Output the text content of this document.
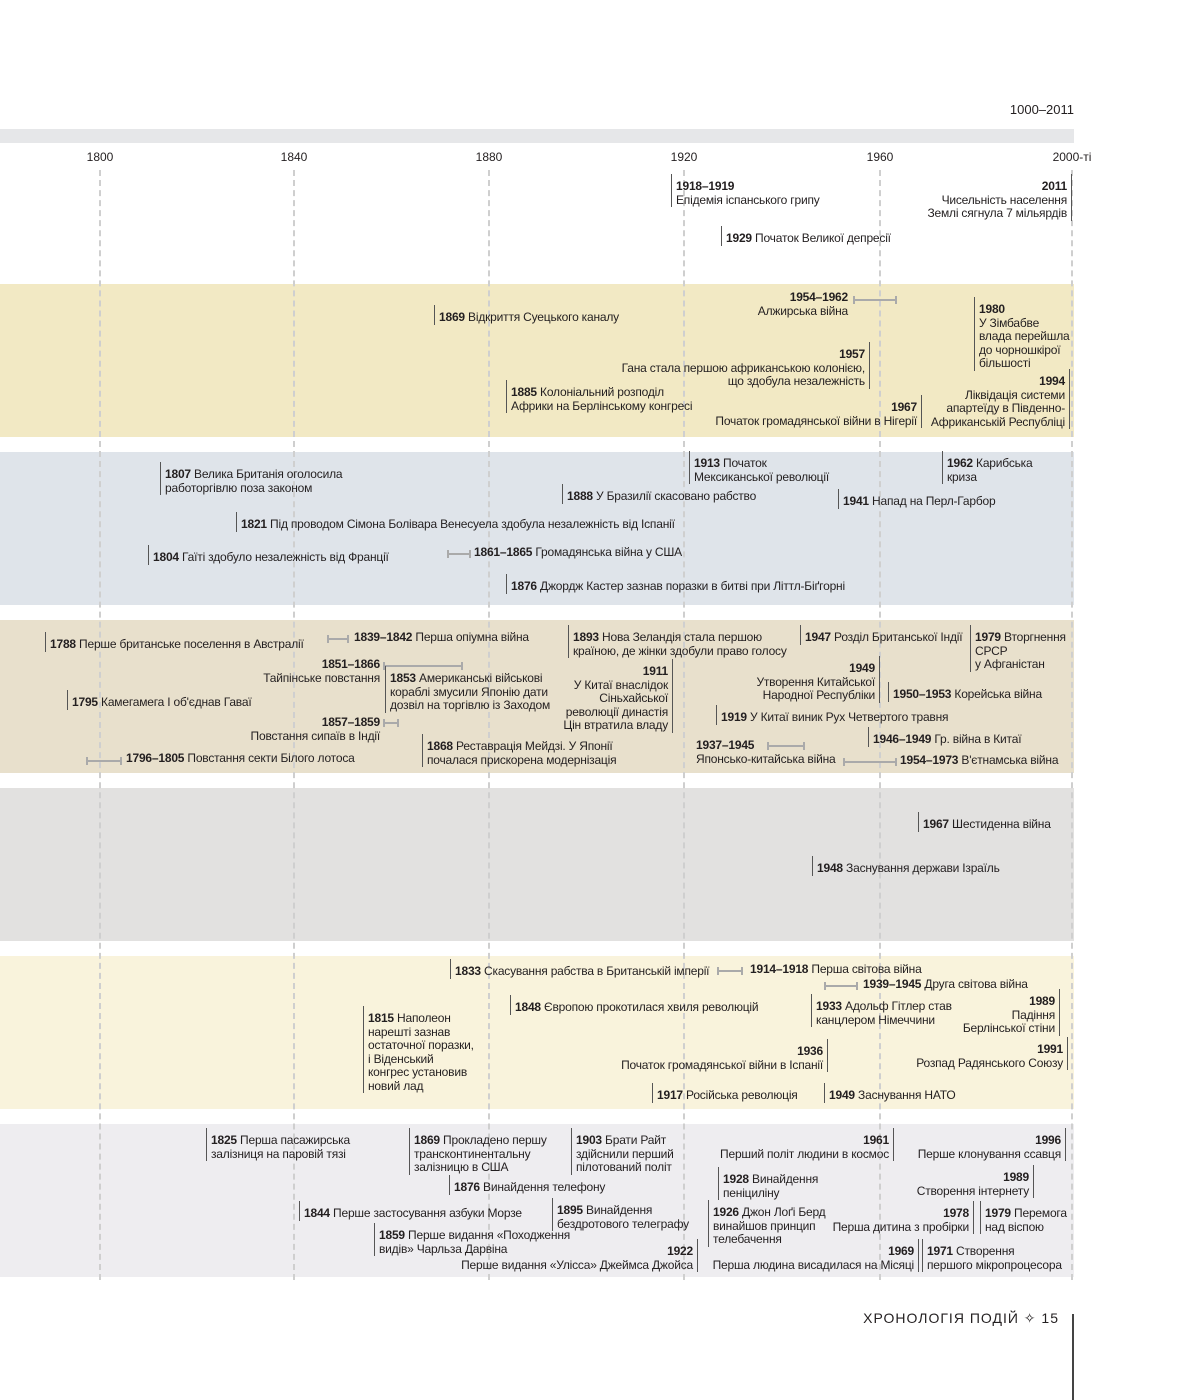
1000–2011
1800	1840	1880	1920	1960	2000-ті
1918–1919
Епідемія іспанського грипу
1929 Початок Великої депресії
2011
Чисельність населення
Землі сягнула 7 мільярдів
1869 Відкриття Суецького каналу
1885 Колоніальний розподіл
Африки на Берлінському конгресі
1954–1962
Алжирська війна
1957
Гана стала першою африканською колонією,
що здобула незалежність
1967
Початок громадянської війни в Нігерії
1980
У Зімбабве
влада перейшла
до чорношкірої
більшості
1994
Ліквідація системи
апартеїду в Південно-
Африканській Республіці
1807 Велика Британія оголосила
работоргівлю поза законом
1821 Під проводом Сімона Болівара Венесуела здобула незалежність від Іспанії
1804 Гаїті здобуло незалежність від Франції	1861–1865 Громадянська війна у США
1876 Джордж Кастер зазнав поразки в битві при Літтл-Біґгорні
1888 У Бразилії скасовано рабство
1913 Початок
Мексиканської революції
1941 Напад на Перл-Гарбор
1962 Карибська
криза
1788 Перше британське поселення в Австралії
1795 Камегамега І об'єднав Гаваї
1796–1805 Повстання секти Білого лотоса
1839–1842 Перша опіумна війна
1851–1866
Тайпінське повстання 1853 Американські військові
кораблі змусили Японію дати
дозвіл на торгівлю із Заходом
1857–1859
Повстання сипаїв в Індії
1868 Реставрація Мейдзі. У Японії
почалася прискорена модернізація
1893 Нова Зеландія стала першою
країною, де жінки здобули право голосу
1911
У Китаї внаслідок
Сіньхайської
революції династія
Цін втратила владу
1919 У Китаї виник Рух Четвертого травня
1937–1945
Японсько-китайська війна
1947 Розділ Британської Індії
1949
Утворення Китайської
Народної Республіки	1950–1953 Корейська війна
1946–1949 Гр. війна в Китаї
1954–1973 В'єтнамська війна
1979 Вторгнення
СРСР
у Афганістан
1967 Шестиденна війна
1948 Заснування держави Ізраїль
1815 Наполеон
нарешті зазнав
остаточної поразки,
і Віденський
конгрес установив
новий лад
1833 Скасування рабства в Британській імперії
1848 Європою прокотилася хвиля революцій
1914–1918 Перша світова війна
1939–1945 Друга світова війна
1933 Адольф Гітлер став
канцлером Німеччини
1936
Початок громадянської війни в Іспанії
1917 Російська революція	1949 Заснування НАТО
1989
Падіння
Берлінської стіни
1991
Розпад Радянського Союзу
1825 Перша пасажирська
залізниця на паровій тязі
1844 Перше застосування азбуки Морзе
1859 Перше видання «Походження
видів» Чарльза Дарвіна
1869 Прокладено першу
трансконтинентальну
залізницю в США
1876 Винайдення телефону
1903 Брати Райт
здійснили перший
пілотований політ
1895 Винайдення
бездротового телеграфу
1922
Перше видання «Улісса» Джеймса Джойса
1928 Винайдення
пеніциліну
1926 Джон Лоґі Берд
винайшов принцип
телебачення
1961
Перший політ людини в космос
1969
Перша людина висадилася на Місяці
1978
Перша дитина з пробірки
1996
Перше клонування ссавця
1989
Створення інтернету
1979 Перемога
над віспою
1971 Створення
першого мікропроцесора
ХРОНОЛОГІЯ ПОДІЙ ✧ 15
